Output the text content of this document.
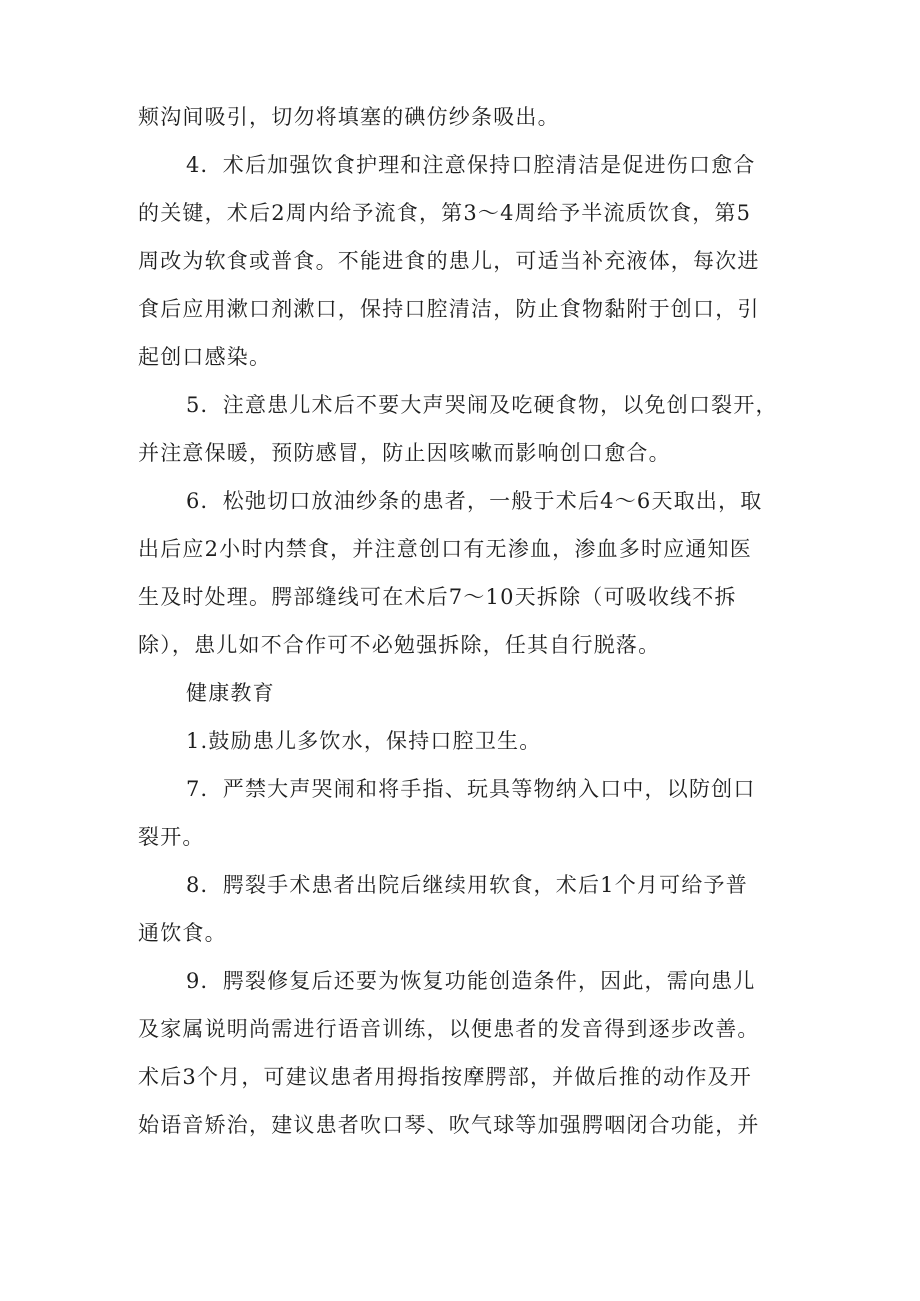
颊沟间吸引，切勿将填塞的碘仿纱条吸出。
4．术后加强饮食护理和注意保持口腔清洁是促进伤口愈合
的关键，术后2周内给予流食，第3～4周给予半流质饮食，第5
周改为软食或普食。不能进食的患儿，可适当补充液体，每次进
食后应用漱口剂漱口，保持口腔清洁，防止食物黏附于创口，引
起创口感染。
5．注意患儿术后不要大声哭闹及吃硬食物，以免创口裂开，
并注意保暖，预防感冒，防止因咳嗽而影响创口愈合。
6．松弛切口放油纱条的患者，一般于术后4～6天取出，取
出后应2小时内禁食，并注意创口有无渗血，渗血多时应通知医
生及时处理。腭部缝线可在术后7～10天拆除（可吸收线不拆
除），患儿如不合作可不必勉强拆除，任其自行脱落。
健康教育
1.鼓励患儿多饮水，保持口腔卫生。
7．严禁大声哭闹和将手指、玩具等物纳入口中，以防创口
裂开。
8．腭裂手术患者出院后继续用软食，术后1个月可给予普
通饮食。
9．腭裂修复后还要为恢复功能创造条件，因此，需向患儿
及家属说明尚需进行语音训练，以便患者的发音得到逐步改善。
术后3个月，可建议患者用拇指按摩腭部，并做后推的动作及开
始语音矫治，建议患者吹口琴、吹气球等加强腭咽闭合功能，并
